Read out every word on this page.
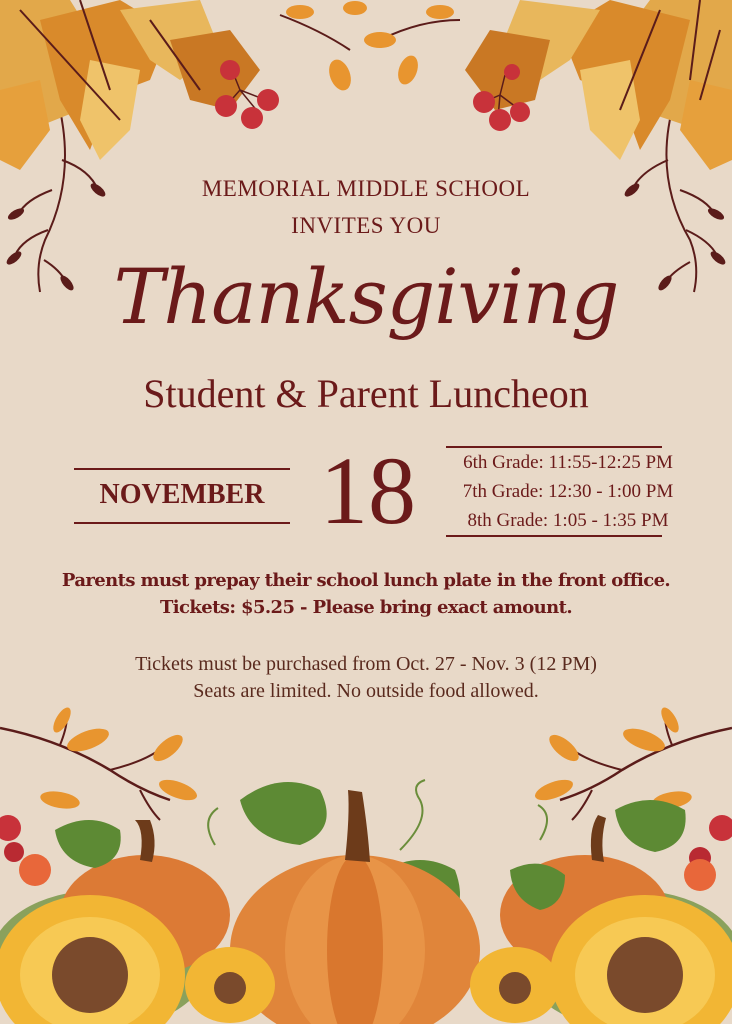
MEMORIAL MIDDLE SCHOOL
INVITES YOU
Thanksgiving
Student & Parent Luncheon
NOVEMBER 18	6th Grade: 11:55-12:25 PM
7th Grade: 12:30 - 1:00 PM
8th Grade: 1:05 - 1:35 PM
Parents must prepay their school lunch plate in the front office.
Tickets: $5.25 - Please bring exact amount.
Tickets must be purchased from Oct. 27 - Nov. 3 (12 PM)
Seats are limited. No outside food allowed.
